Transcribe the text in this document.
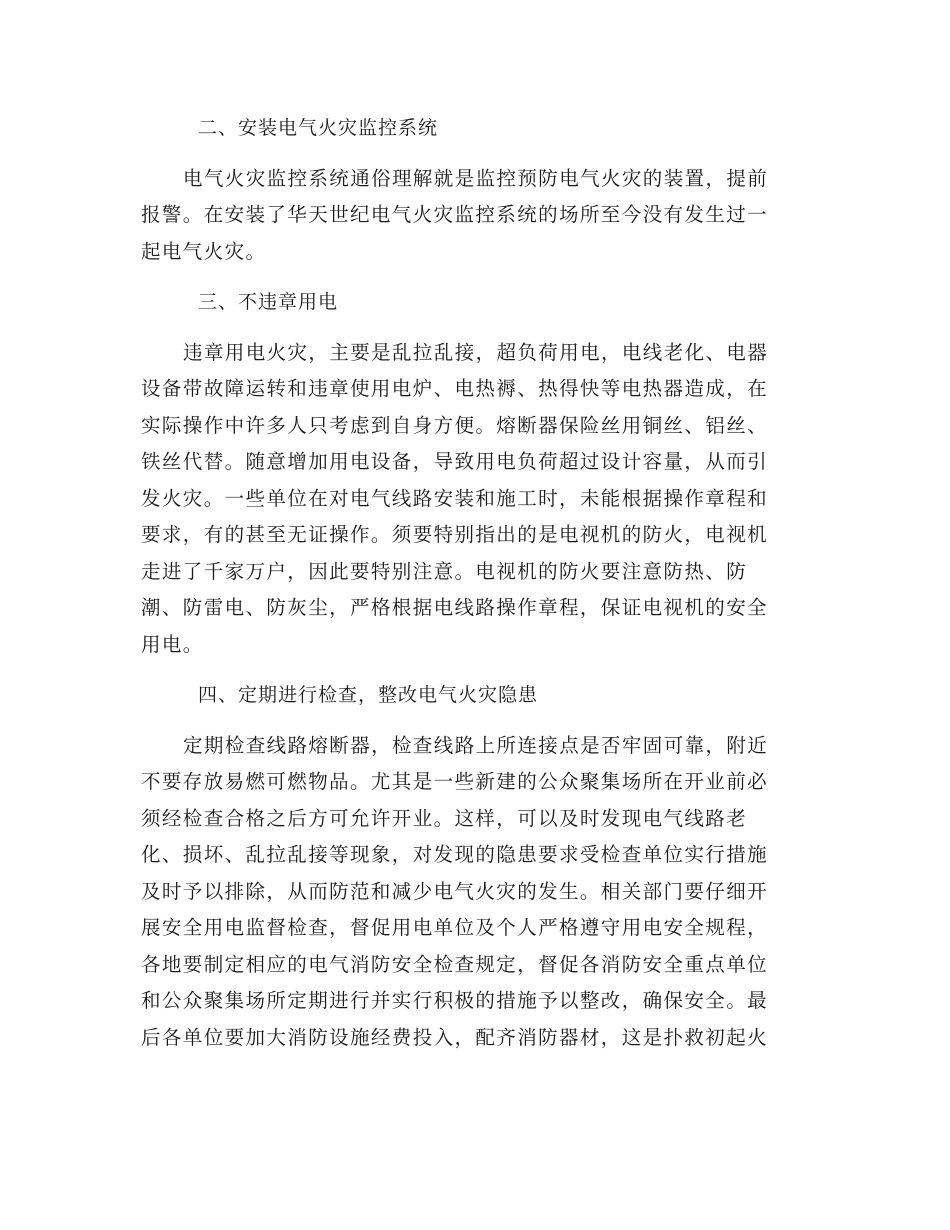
二、安装电气火灾监控系统
电气火灾监控系统通俗理解就是监控预防电气火灾的装置，提前
报警。在安装了华天世纪电气火灾监控系统的场所至今没有发生过一
起电气火灾。
三、不违章用电
违章用电火灾，主要是乱拉乱接，超负荷用电，电线老化、电器
设备带故障运转和违章使用电炉、电热褥、热得快等电热器造成，在
实际操作中许多人只考虑到自身方便。熔断器保险丝用铜丝、铝丝、
铁丝代替。随意增加用电设备，导致用电负荷超过设计容量，从而引
发火灾。一些单位在对电气线路安装和施工时，未能根据操作章程和
要求，有的甚至无证操作。须要特别指出的是电视机的防火，电视机
走进了千家万户，因此要特别注意。电视机的防火要注意防热、防
潮、防雷电、防灰尘，严格根据电线路操作章程，保证电视机的安全
用电。
四、定期进行检查，整改电气火灾隐患
定期检查线路熔断器，检查线路上所连接点是否牢固可靠，附近
不要存放易燃可燃物品。尤其是一些新建的公众聚集场所在开业前必
须经检查合格之后方可允许开业。这样，可以及时发现电气线路老
化、损坏、乱拉乱接等现象，对发现的隐患要求受检查单位实行措施
及时予以排除，从而防范和减少电气火灾的发生。相关部门要仔细开
展安全用电监督检查，督促用电单位及个人严格遵守用电安全规程，
各地要制定相应的电气消防安全检查规定，督促各消防安全重点单位
和公众聚集场所定期进行并实行积极的措施予以整改，确保安全。最
后各单位要加大消防设施经费投入，配齐消防器材，这是扑救初起火
